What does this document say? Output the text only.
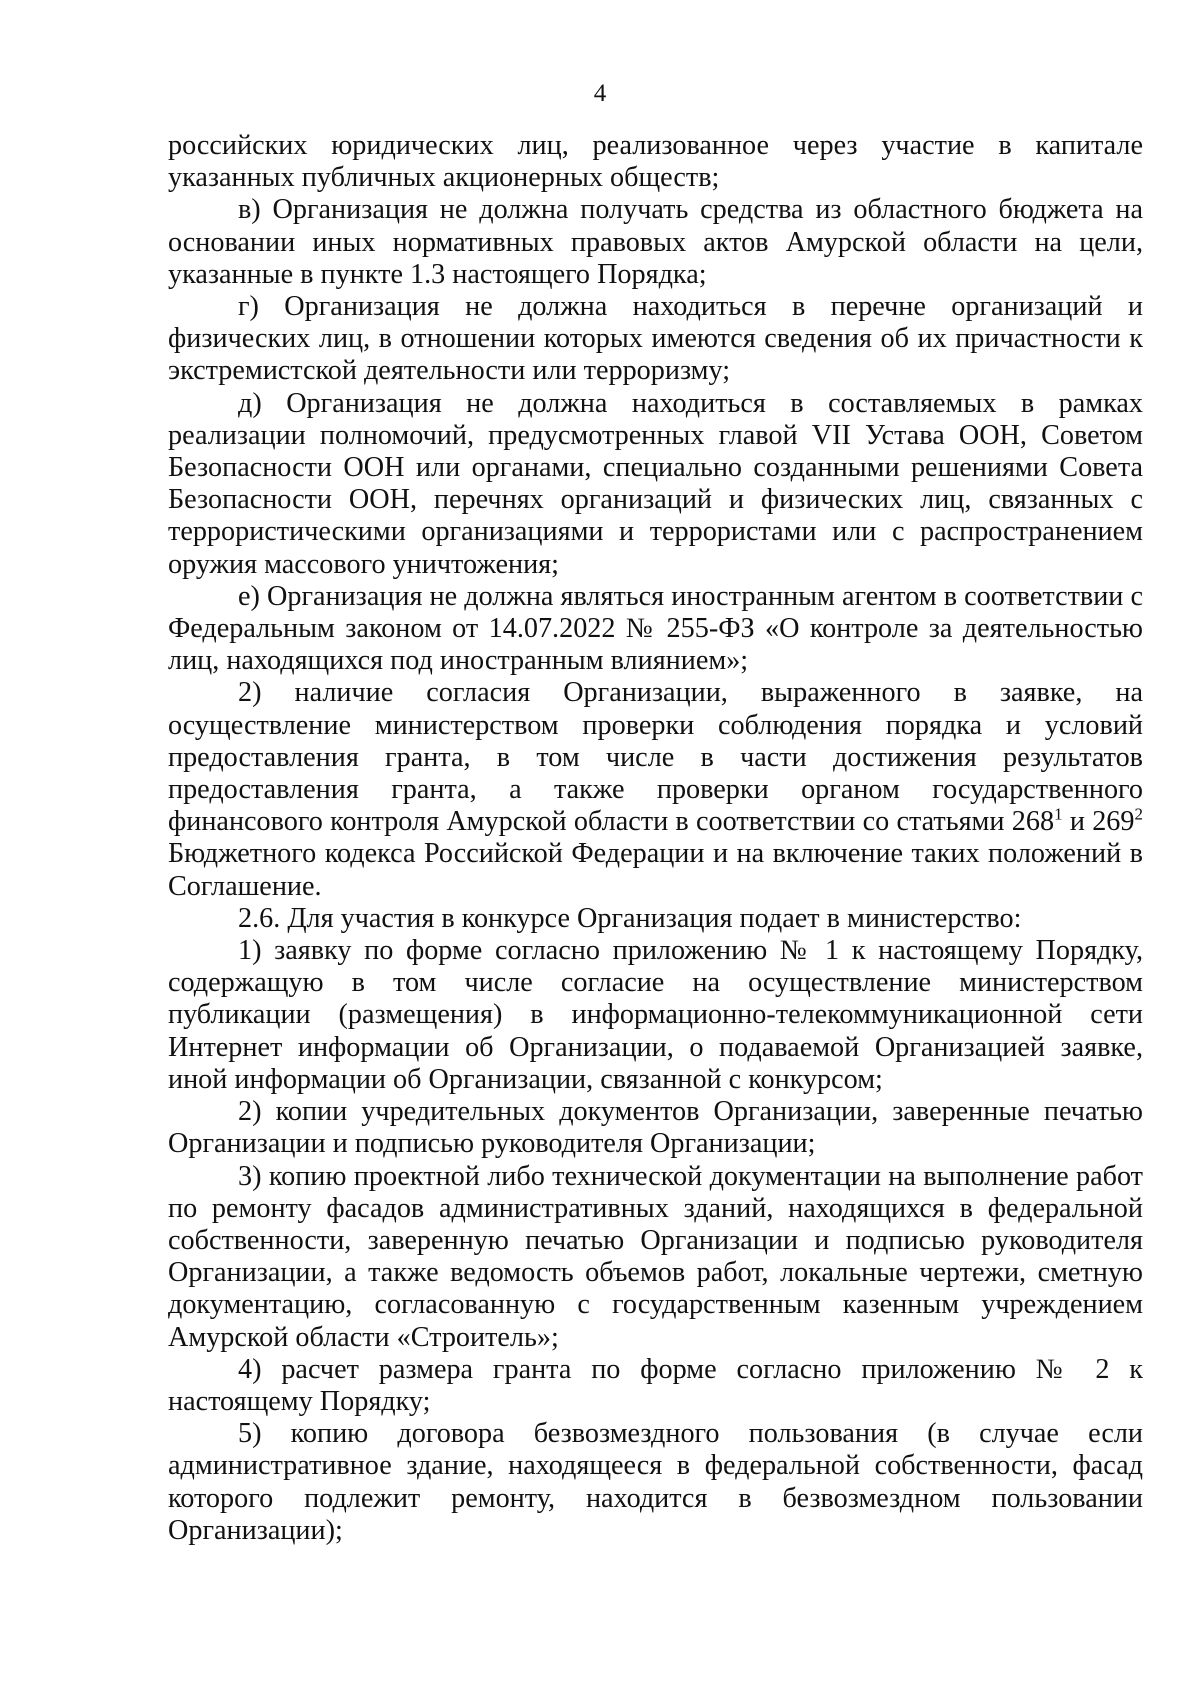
4

российских юридических лиц, реализованное через участие в капитале указанных публичных акционерных обществ;

в) Организация не должна получать средства из областного бюджета на основании иных нормативных правовых актов Амурской области на цели, указанные в пункте 1.3 настоящего Порядка;

г) Организация не должна находиться в перечне организаций и физических лиц, в отношении которых имеются сведения об их причастности к экстремистской деятельности или терроризму;

д) Организация не должна находиться в составляемых в рамках реализации полномочий, предусмотренных главой VII Устава ООН, Советом Безопасности ООН или органами, специально созданными решениями Совета Безопасности ООН, перечнях организаций и физических лиц, связанных с террористическими организациями и террористами или с распространением оружия массового уничтожения;

е) Организация не должна являться иностранным агентом в соответствии с Федеральным законом от 14.07.2022 № 255-ФЗ «О контроле за деятельностью лиц, находящихся под иностранным влиянием»;

2) наличие согласия Организации, выраженного в заявке, на осуществление министерством проверки соблюдения порядка и условий предоставления гранта, в том числе в части достижения результатов предоставления гранта, а также проверки органом государственного финансового контроля Амурской области в соответствии со статьями $268^1$ и $269^2$ Бюджетного кодекса Российской Федерации и на включение таких положений в Соглашение.

2.6. Для участия в конкурсе Организация подает в министерство:

1) заявку по форме согласно приложению № 1 к настоящему Порядку, содержащую в том числе согласие на осуществление министерством публикации (размещения) в информационно-телекоммуникационной сети Интернет информации об Организации, о подаваемой Организацией заявке, иной информации об Организации, связанной с конкурсом;

2) копии учредительных документов Организации, заверенные печатью Организации и подписью руководителя Организации;

3) копию проектной либо технической документации на выполнение работ по ремонту фасадов административных зданий, находящихся в федеральной собственности, заверенную печатью Организации и подписью руководителя Организации, а также ведомость объемов работ, локальные чертежи, сметную документацию, согласованную с государственным казенным учреждением Амурской области «Строитель»;

4) расчет размера гранта по форме согласно приложению № 2 к настоящему Порядку;

5) копию договора безвозмездного пользования (в случае если административное здание, находящееся в федеральной собственности, фасад которого подлежит ремонту, находится в безвозмездном пользовании Организации);
